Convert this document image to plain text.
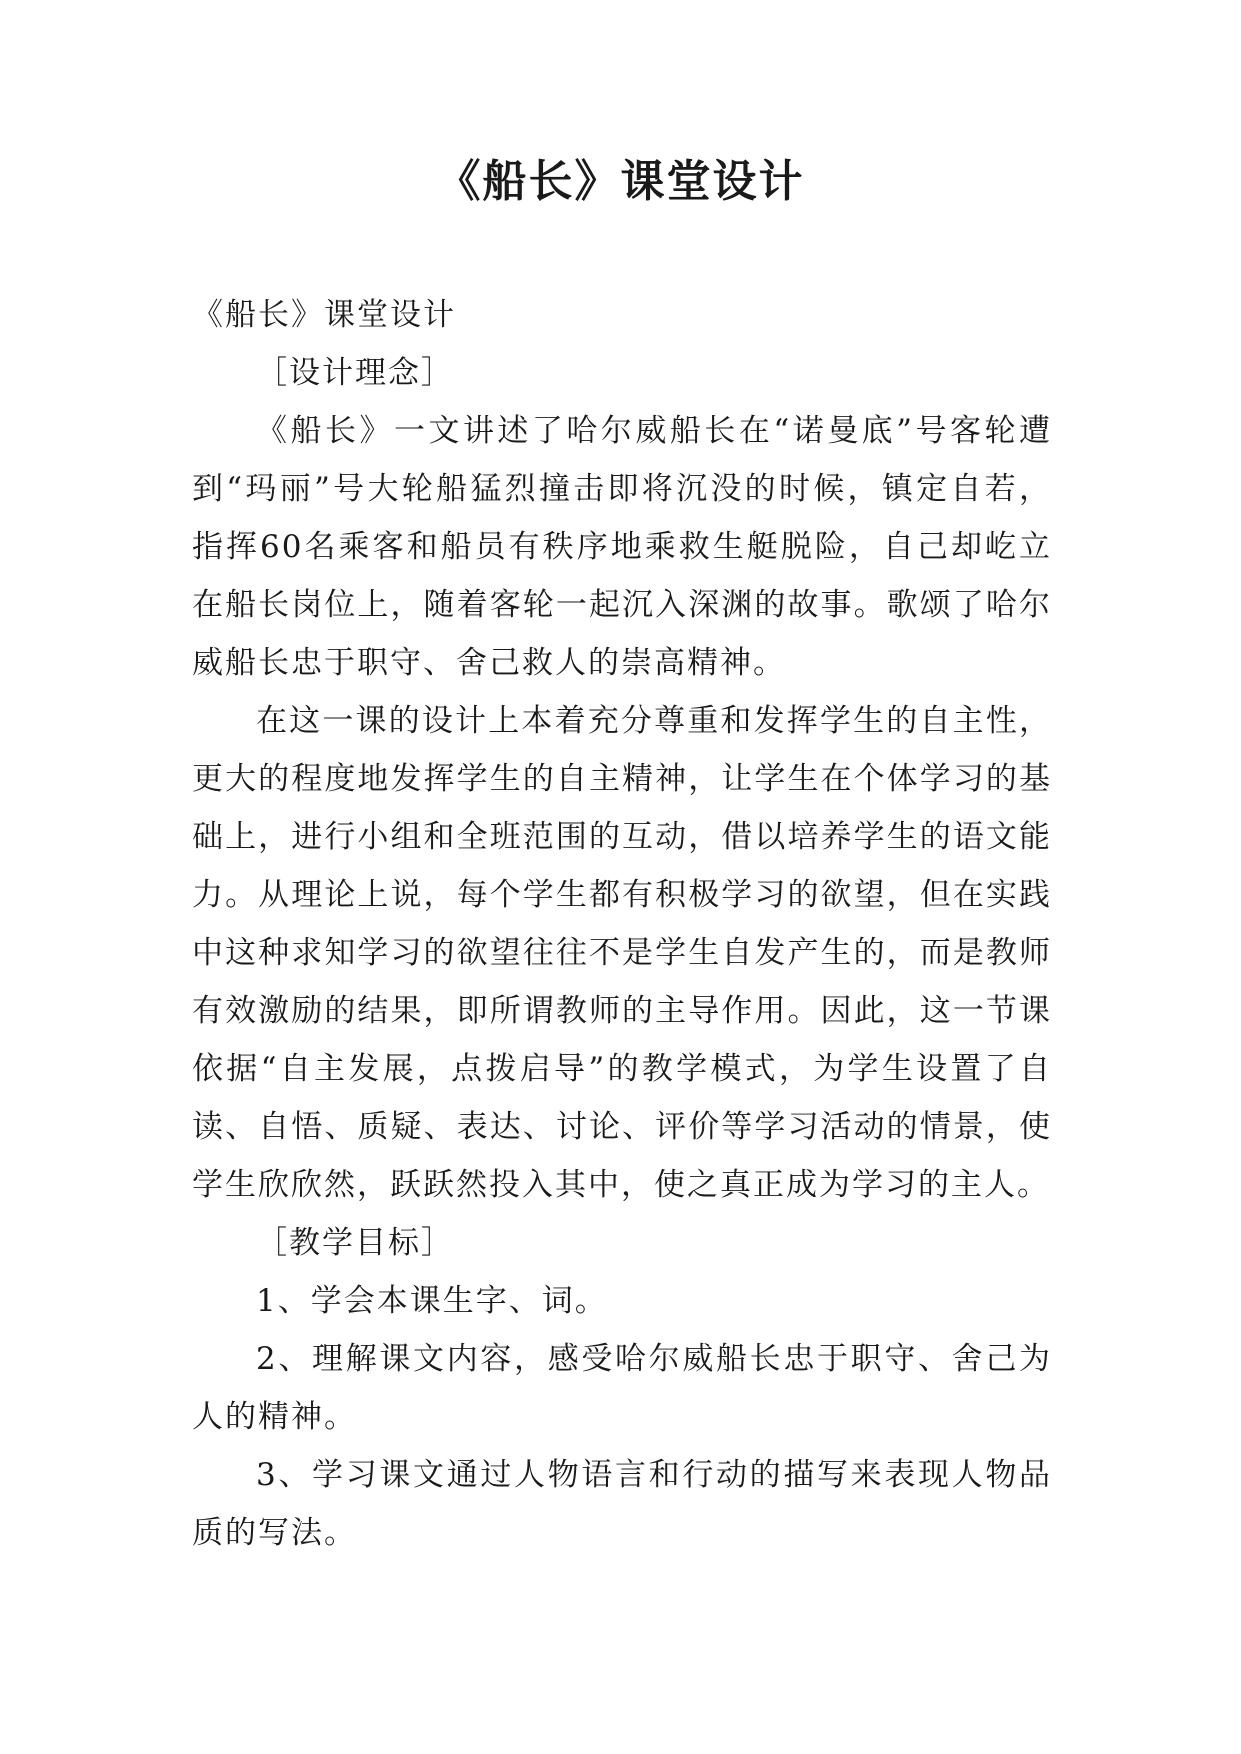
《船长》课堂设计

《船长》课堂设计

［设计理念］

《船长》一文讲述了哈尔威船长在“诺曼底”号客轮遭到“玛丽”号大轮船猛烈撞击即将沉没的时候，镇定自若，指挥60名乘客和船员有秩序地乘救生艇脱险，自己却屹立在船长岗位上，随着客轮一起沉入深渊的故事。歌颂了哈尔威船长忠于职守、舍己救人的崇高精神。

在这一课的设计上本着充分尊重和发挥学生的自主性，更大的程度地发挥学生的自主精神，让学生在个体学习的基础上，进行小组和全班范围的互动，借以培养学生的语文能力。从理论上说，每个学生都有积极学习的欲望，但在实践中这种求知学习的欲望往往不是学生自发产生的，而是教师有效激励的结果，即所谓教师的主导作用。因此，这一节课依据“自主发展，点拨启导”的教学模式，为学生设置了自读、自悟、质疑、表达、讨论、评价等学习活动的情景，使学生欣欣然，跃跃然投入其中，使之真正成为学习的主人。

［教学目标］

1、学会本课生字、词。

2、理解课文内容，感受哈尔威船长忠于职守、舍己为人的精神。

3、学习课文通过人物语言和行动的描写来表现人物品质的写法。
